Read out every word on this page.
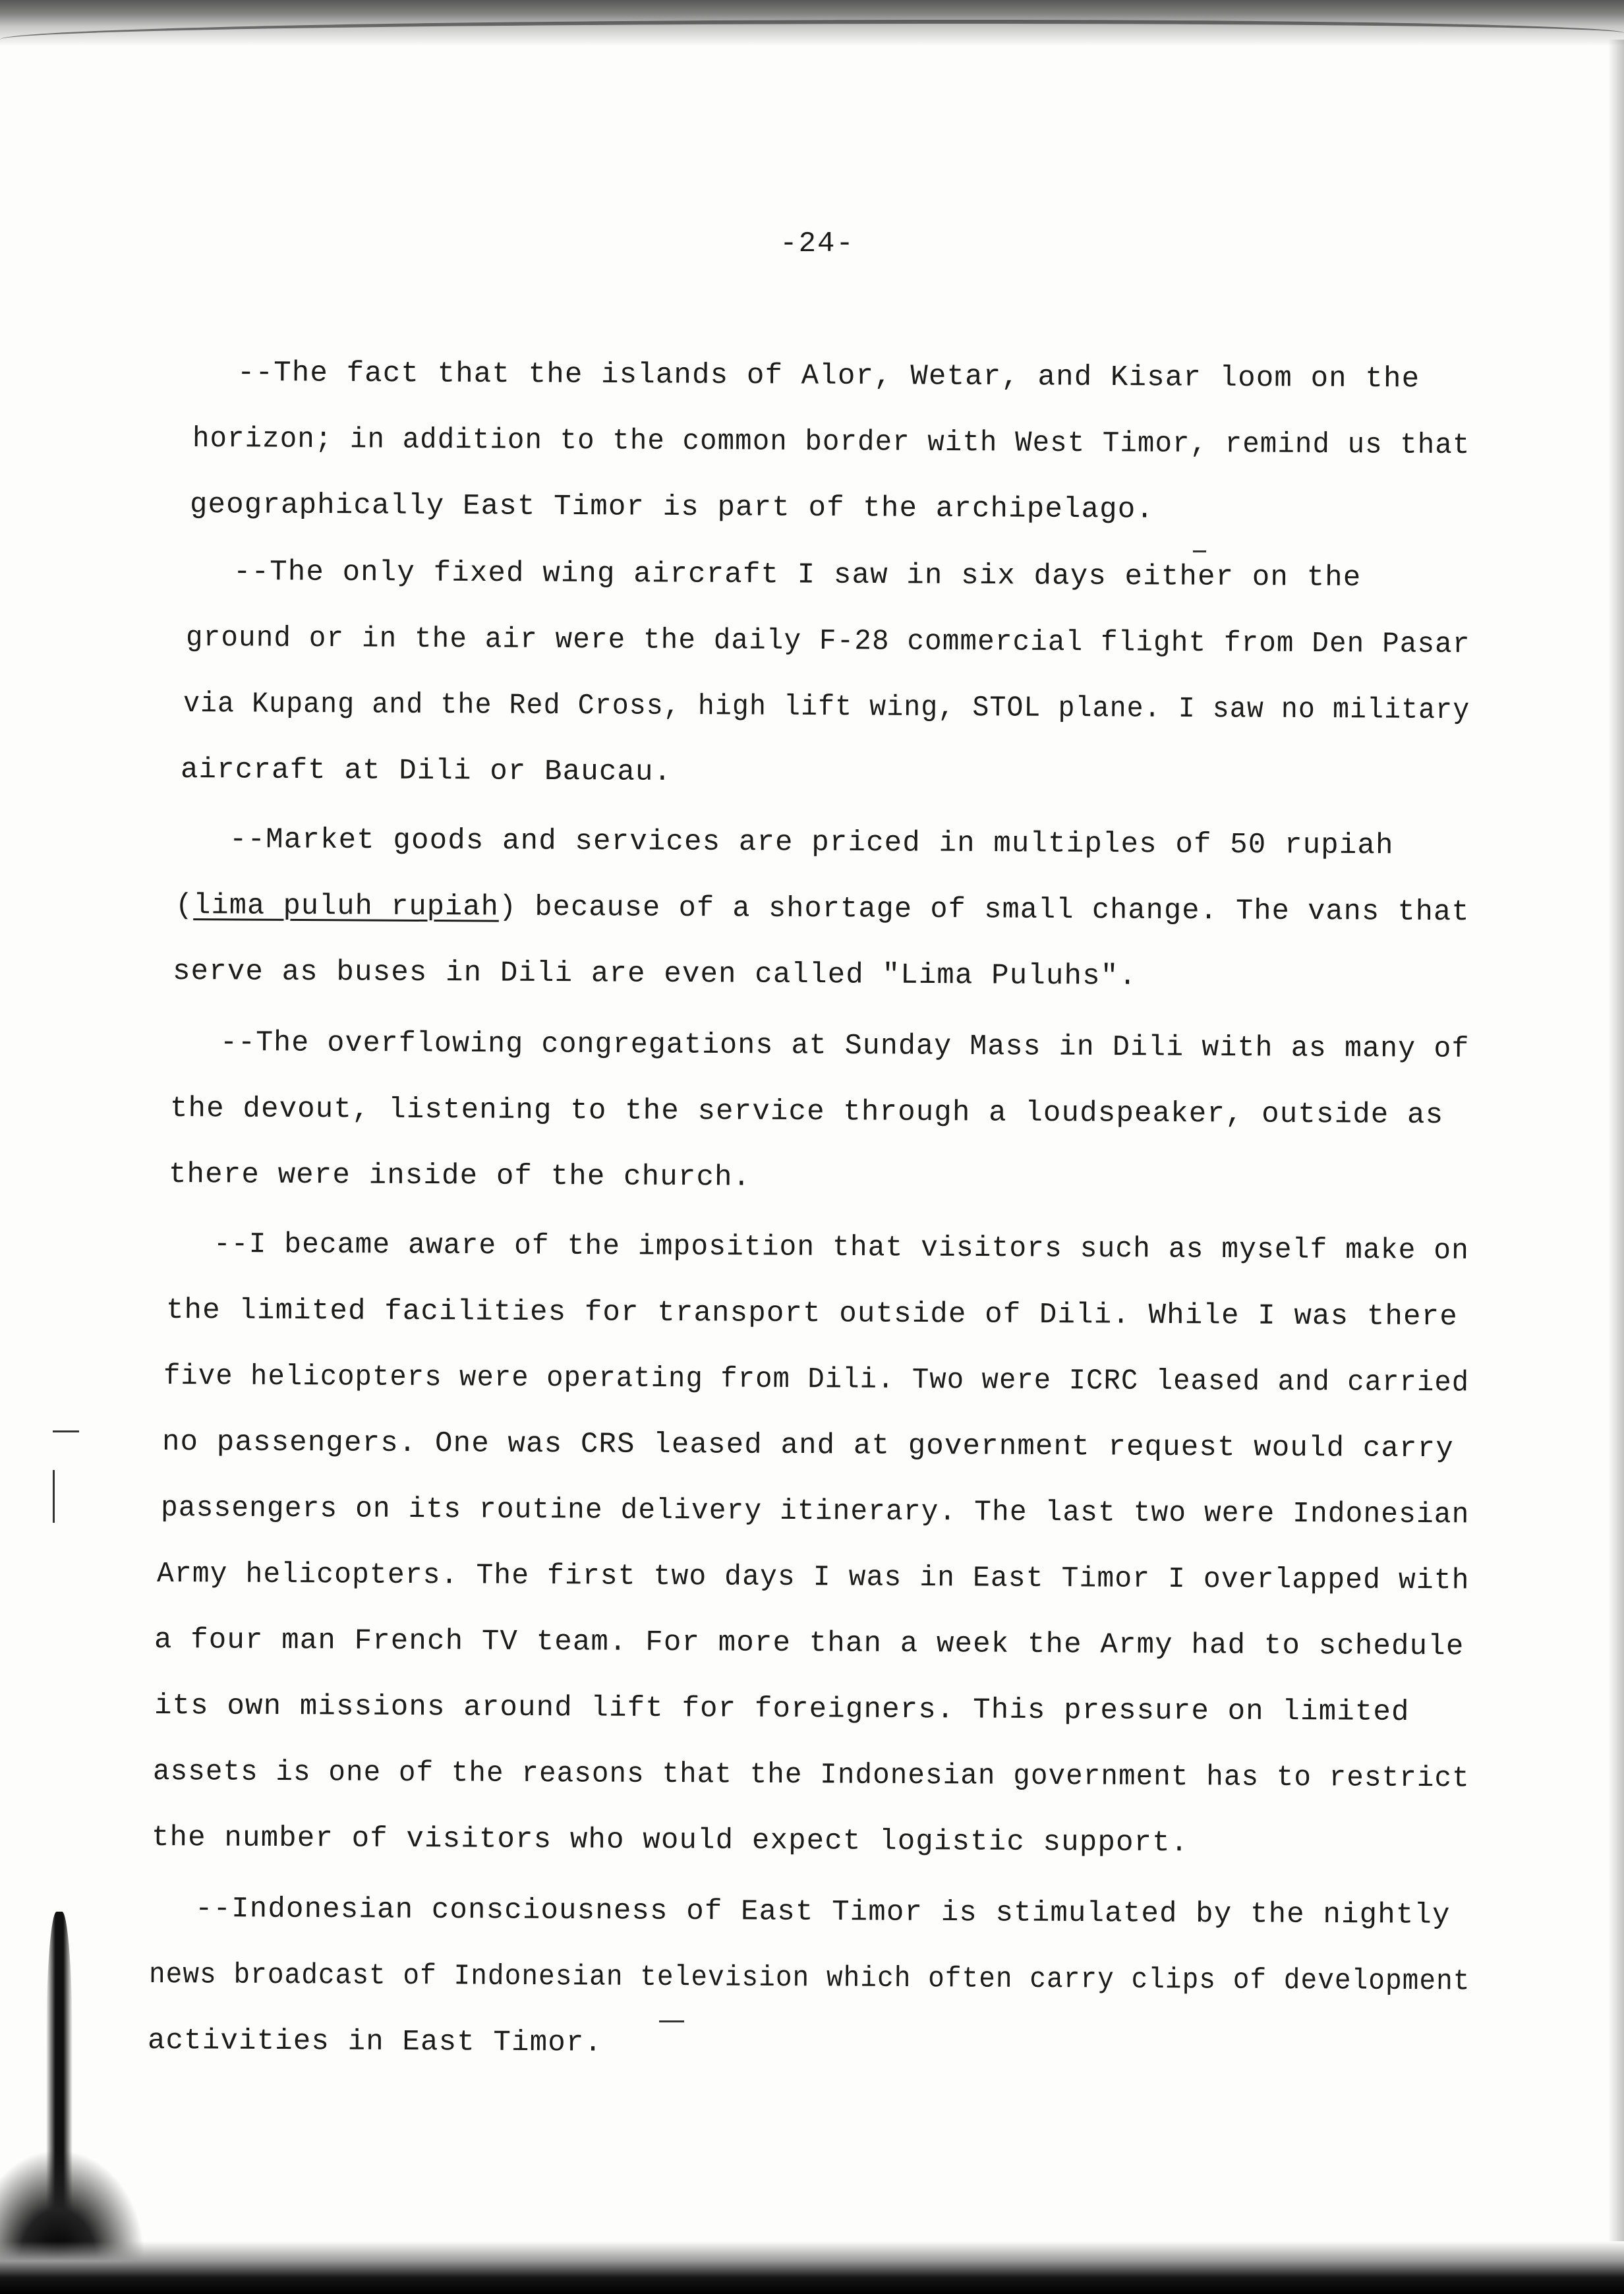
-24-
--The fact that the islands of Alor, Wetar, and Kisar loom on the
horizon; in addition to the common border with West Timor, remind us that
geographically East Timor is part of the archipelago.
--The only fixed wing aircraft I saw in six days either on the
ground or in the air were the daily F-28 commercial flight from Den Pasar
via Kupang and the Red Cross, high lift wing, STOL plane. I saw no military
aircraft at Dili or Baucau.
--Market goods and services are priced in multiples of 50 rupiah
(lima puluh rupiah) because of a shortage of small change. The vans that
serve as buses in Dili are even called "Lima Puluhs".
--The overflowing congregations at Sunday Mass in Dili with as many of
the devout, listening to the service through a loudspeaker, outside as
there were inside of the church.
--I became aware of the imposition that visitors such as myself make on
the limited facilities for transport outside of Dili. While I was there
five helicopters were operating from Dili. Two were ICRC leased and carried
no passengers. One was CRS leased and at government request would carry
passengers on its routine delivery itinerary. The last two were Indonesian
Army helicopters. The first two days I was in East Timor I overlapped with
a four man French TV team. For more than a week the Army had to schedule
its own missions around lift for foreigners. This pressure on limited
assets is one of the reasons that the Indonesian government has to restrict
the number of visitors who would expect logistic support.
--Indonesian consciousness of East Timor is stimulated by the nightly
news broadcast of Indonesian television which often carry clips of development
activities in East Timor.
